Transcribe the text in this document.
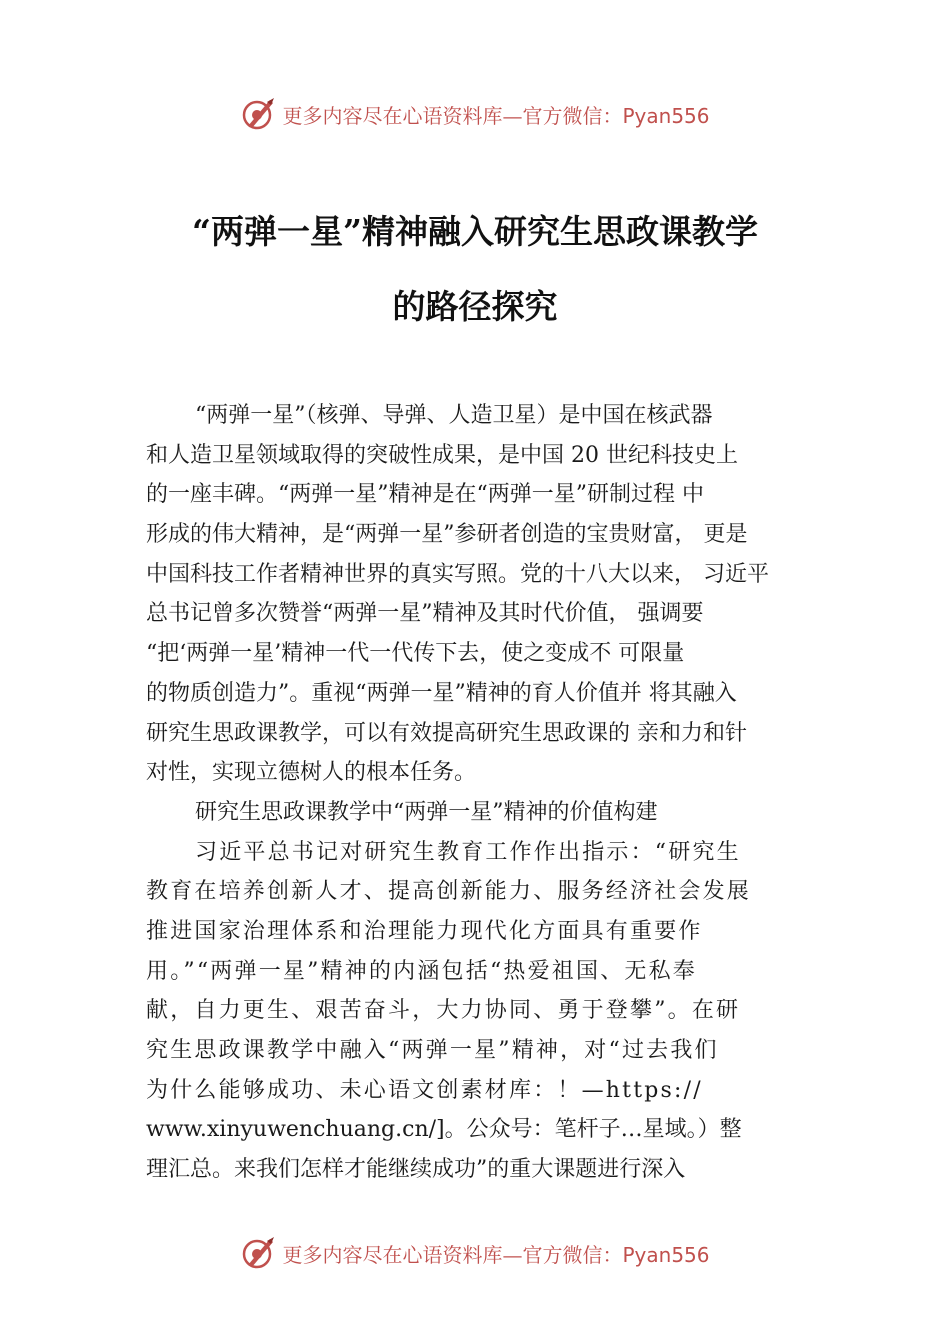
更多内容尽在心语资料库—官方微信：Pyan556
“两弹一星”精神融入研究生思政课教学
的路径探究
“两弹一星”（核弹、导弹、人造卫星）是中国在核武器
和人造卫星领域取得的突破性成果，是中国 20 世纪科技史上
的一座丰碑。“两弹一星”精神是在“两弹一星”研制过程 中
形成的伟大精神，是“两弹一星”参研者创造的宝贵财富， 更是
中国科技工作者精神世界的真实写照。党的十八大以来， 习近平
总书记曾多次赞誉“两弹一星”精神及其时代价值， 强调要
“把‘两弹一星’精神一代一代传下去，使之变成不 可限量
的物质创造力”。重视“两弹一星”精神的育人价值并 将其融入
研究生思政课教学，可以有效提高研究生思政课的 亲和力和针
对性，实现立德树人的根本任务。
研究生思政课教学中“两弹一星”精神的价值构建
习近平总书记对研究生教育工作作出指示：“研究生
教育在培养创新人才、提高创新能力、服务经济社会发展
推进国家治理体系和治理能力现代化方面具有重要作
用。”“两弹一星”精神的内涵包括“热爱祖国、无私奉
献，自力更生、艰苦奋斗，大力协同、勇于登攀”。在研
究生思政课教学中融入“两弹一星”精神，对“过去我们
为什么能够成功、未心语文创素材库：！—https://
www.xinyuwenchuang.cn/]。公众号：笔杆子…星域。）整
理汇总。来我们怎样才能继续成功”的重大课题进行深入
更多内容尽在心语资料库—官方微信：Pyan556
